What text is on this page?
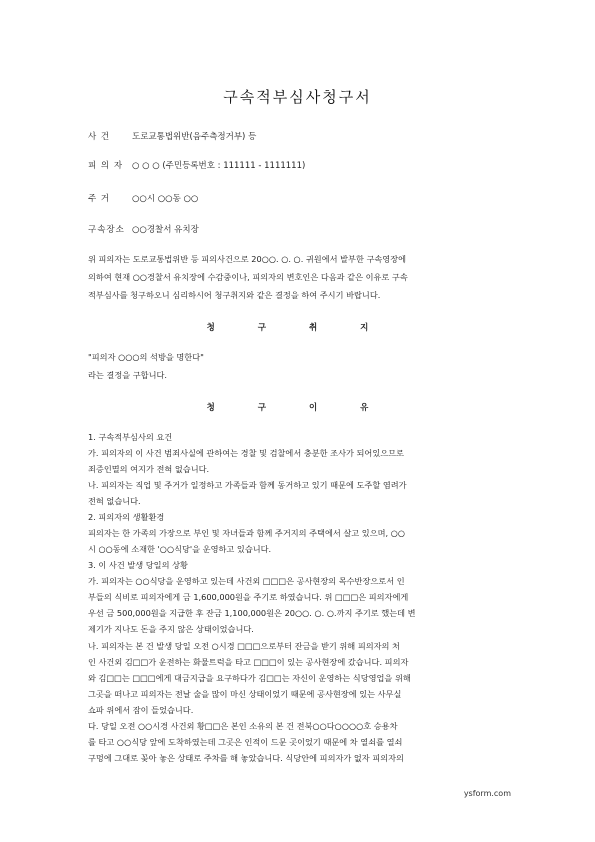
구속적부심사청구서
사 건	도로교통법위반(음주측정거부) 등
피 의 자 ○ ○ ○ (주민등록번호 : 111111 - 1111111)
주 거	○○시 ○○동 ○○
구속장소 ○○경찰서 유치장
위 피의자는 도로교통법위반 등 피의사건으로 20○○. ○. ○. 귀원에서 발부한 구속영장에
의하여 현재 ○○경찰서 유치장에 수감중이나, 피의자의 변호인은 다음과 같은 이유로 구속
적부심사를 청구하오니 심리하시어 청구취지와 같은 결정을 하여 주시기 바랍니다.
청 구 취 지
"피의자 ○○○의 석방을 명한다"
라는 결정을 구합니다.
청 구 이 유
1. 구속적부심사의 요건
가. 피의자의 이 사건 범죄사실에 관하여는 경찰 및 검찰에서 충분한 조사가 되어있으므로
죄증인멸의 여지가 전혀 없습니다.
나. 피의자는 직업 및 주거가 일정하고 가족들과 함께 동거하고 있기 때문에 도주할 염려가
전혀 없습니다.
2. 피의자의 생활환경
피의자는 한 가족의 가장으로 부인 및 자녀들과 함께 주거지의 주택에서 살고 있으며, ○○
시 ○○동에 소재한 '○○식당'을 운영하고 있습니다.
3. 이 사건 발생 당일의 상황
가. 피의자는 ○○식당을 운영하고 있는데 사건외 □□□은 공사현장의 목수반장으로서 인
부들의 식비로 피의자에게 금 1,600,000원을 주기로 하였습니다. 위 □□□은 피의자에게
우선 금 500,000원을 지급한 후 잔금 1,100,000원은 20○○. ○. ○.까지 주기로 했는데 변
제기가 지나도 돈을 주지 않은 상태이었습니다.
나. 피의자는 본 건 발생 당일 오전 ○시경 □□□으로부터 잔금을 받기 위해 피의자의 처
인 사건외 김□□가 운전하는 화물트럭을 타고 □□□이 있는 공사현장에 갔습니다. 피의자
와 김□□는 □□□에게 대금지급을 요구하다가 김□□는 자신이 운영하는 식당영업을 위해
그곳을 떠나고 피의자는 전날 술을 많이 마신 상태이었기 때문에 공사현장에 있는 사무실
쇼파 위에서 잠이 들었습니다.
다. 당일 오전 ○○시경 사건외 황□□은 본인 소유의 본 건 전북○○다○○○○호 승용차
를 타고 ○○식당 앞에 도착하였는데 그곳은 인적이 드문 곳이었기 때문에 차 열쇠를 열쇠
구멍에 그대로 꽂아 놓은 상태로 주차를 해 놓았습니다. 식당안에 피의자가 없자 피의자의
ysform.com
